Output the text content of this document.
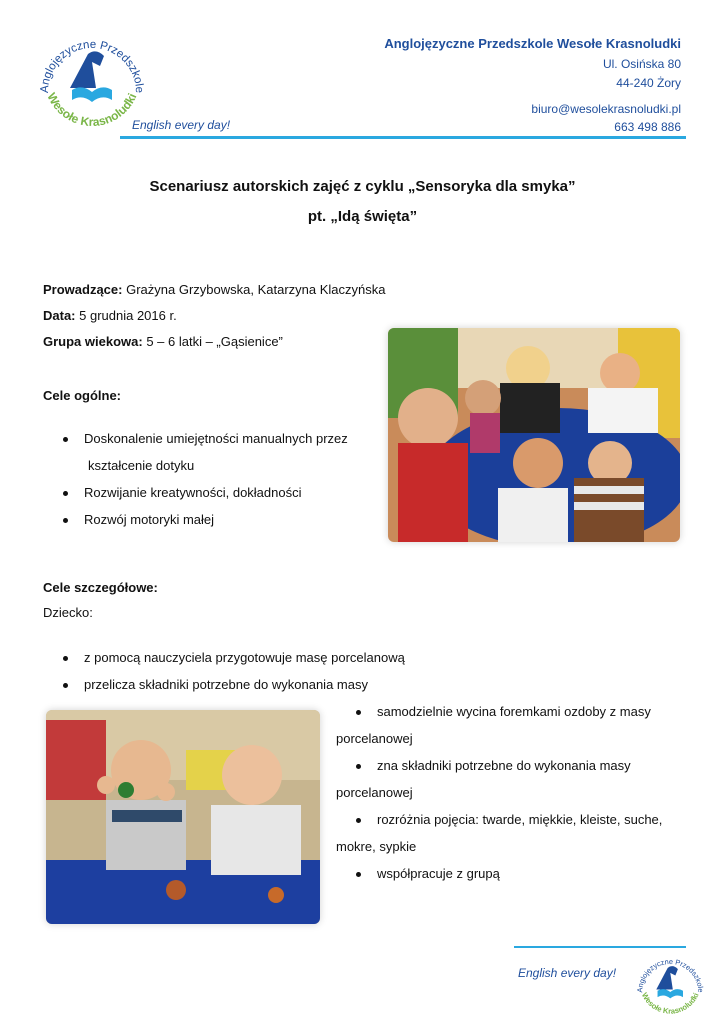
Anglojęzyczne Przedszkole
Wesołe Krasnoludki
English every day!
Anglojęzyczne Przedszkole Wesołe Krasnoludki
Ul. Osińska 80
44-240 Żory
biuro@wesolekrasnoludki.pl
663 498 886
Scenariusz autorskich zajęć z cyklu „Sensoryka dla smyka”
pt. „Idą święta”
Prowadzące: Grażyna Grzybowska, Katarzyna Klaczyńska
Data: 5 grudnia 2016 r.
Grupa wiekowa: 5 – 6 latki – „Gąsienice”
Cele ogólne:
Doskonalenie umiejętności manualnych przez
kształcenie dotyku
Rozwijanie kreatywności, dokładności
Rozwój motoryki małej
Cele szczegółowe:
Dziecko:
z pomocą nauczyciela przygotowuje masę porcelanową
przelicza składniki potrzebne do wykonania masy
samodzielnie wycina foremkami ozdoby z masy
porcelanowej
zna składniki potrzebne do wykonania masy
porcelanowej
rozróżnia pojęcia: twarde, miękkie, kleiste, suche,
mokre, sypkie
współpracuje z grupą
English every day!
Anglojęzyczne Przedszkole
Wesołe Krasnoludki
